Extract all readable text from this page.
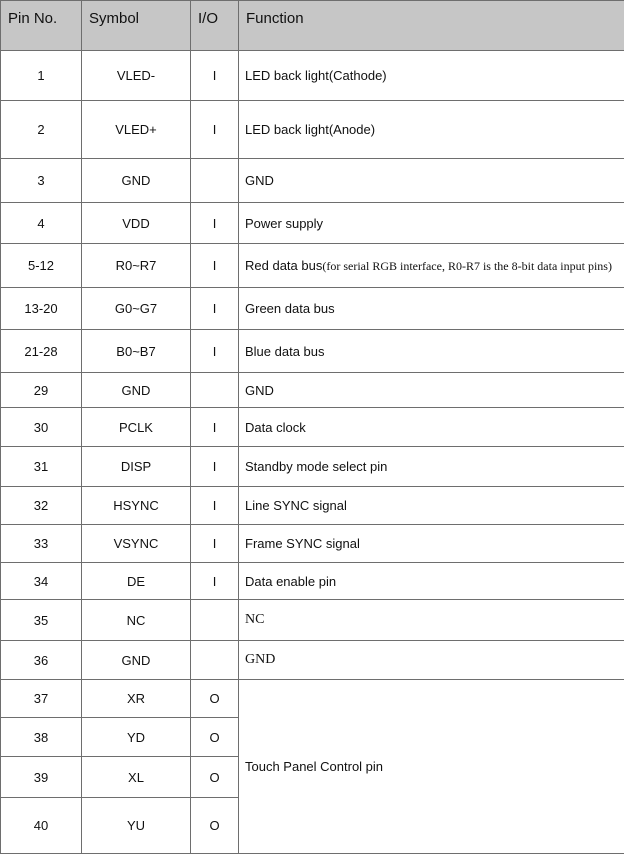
Pin No.	Symbol	I/O	Function
1	VLED-	I	LED back light(Cathode)
2	VLED+	I	LED back light(Anode)
3	GND		GND
4	VDD	I	Power supply
5-12	R0~R7	I	Red data bus(for serial RGB interface, R0-R7 is the 8-bit data input pins)
13-20	G0~G7	I	Green data bus
21-28	B0~B7	I	Blue data bus
29	GND		GND
30	PCLK	I	Data clock
31	DISP	I	Standby mode select pin
32	HSYNC	I	Line SYNC signal
33	VSYNC	I	Frame SYNC signal
34	DE	I	Data enable pin
35	NC		NC
36	GND		GND
37	XR	O	Touch Panel Control pin
38	YD	O	
39	XL	O	
40	YU	O	
